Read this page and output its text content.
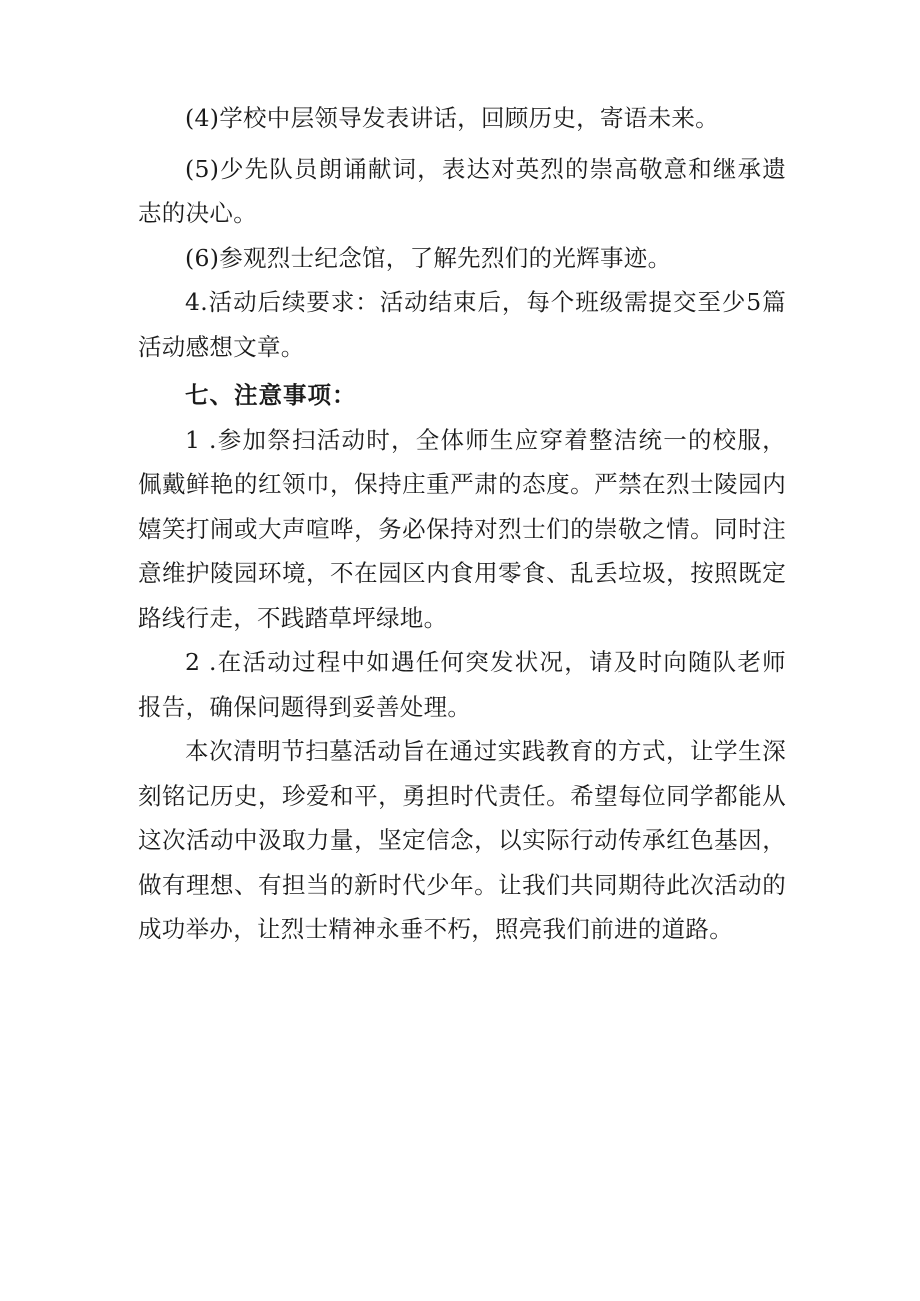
(4)学校中层领导发表讲话，回顾历史，寄语未来。

(5)少先队员朗诵献词，表达对英烈的崇高敬意和继承遗志的决心。

(6)参观烈士纪念馆，了解先烈们的光辉事迹。

4.活动后续要求：活动结束后，每个班级需提交至少5篇活动感想文章。

七、注意事项：

1 .参加祭扫活动时，全体师生应穿着整洁统一的校服，佩戴鲜艳的红领巾，保持庄重严肃的态度。严禁在烈士陵园内嬉笑打闹或大声喧哗，务必保持对烈士们的崇敬之情。同时注意维护陵园环境，不在园区内食用零食、乱丢垃圾，按照既定路线行走，不践踏草坪绿地。

2 .在活动过程中如遇任何突发状况，请及时向随队老师报告，确保问题得到妥善处理。

本次清明节扫墓活动旨在通过实践教育的方式，让学生深刻铭记历史，珍爱和平，勇担时代责任。希望每位同学都能从这次活动中汲取力量，坚定信念，以实际行动传承红色基因，做有理想、有担当的新时代少年。让我们共同期待此次活动的成功举办，让烈士精神永垂不朽，照亮我们前进的道路。
